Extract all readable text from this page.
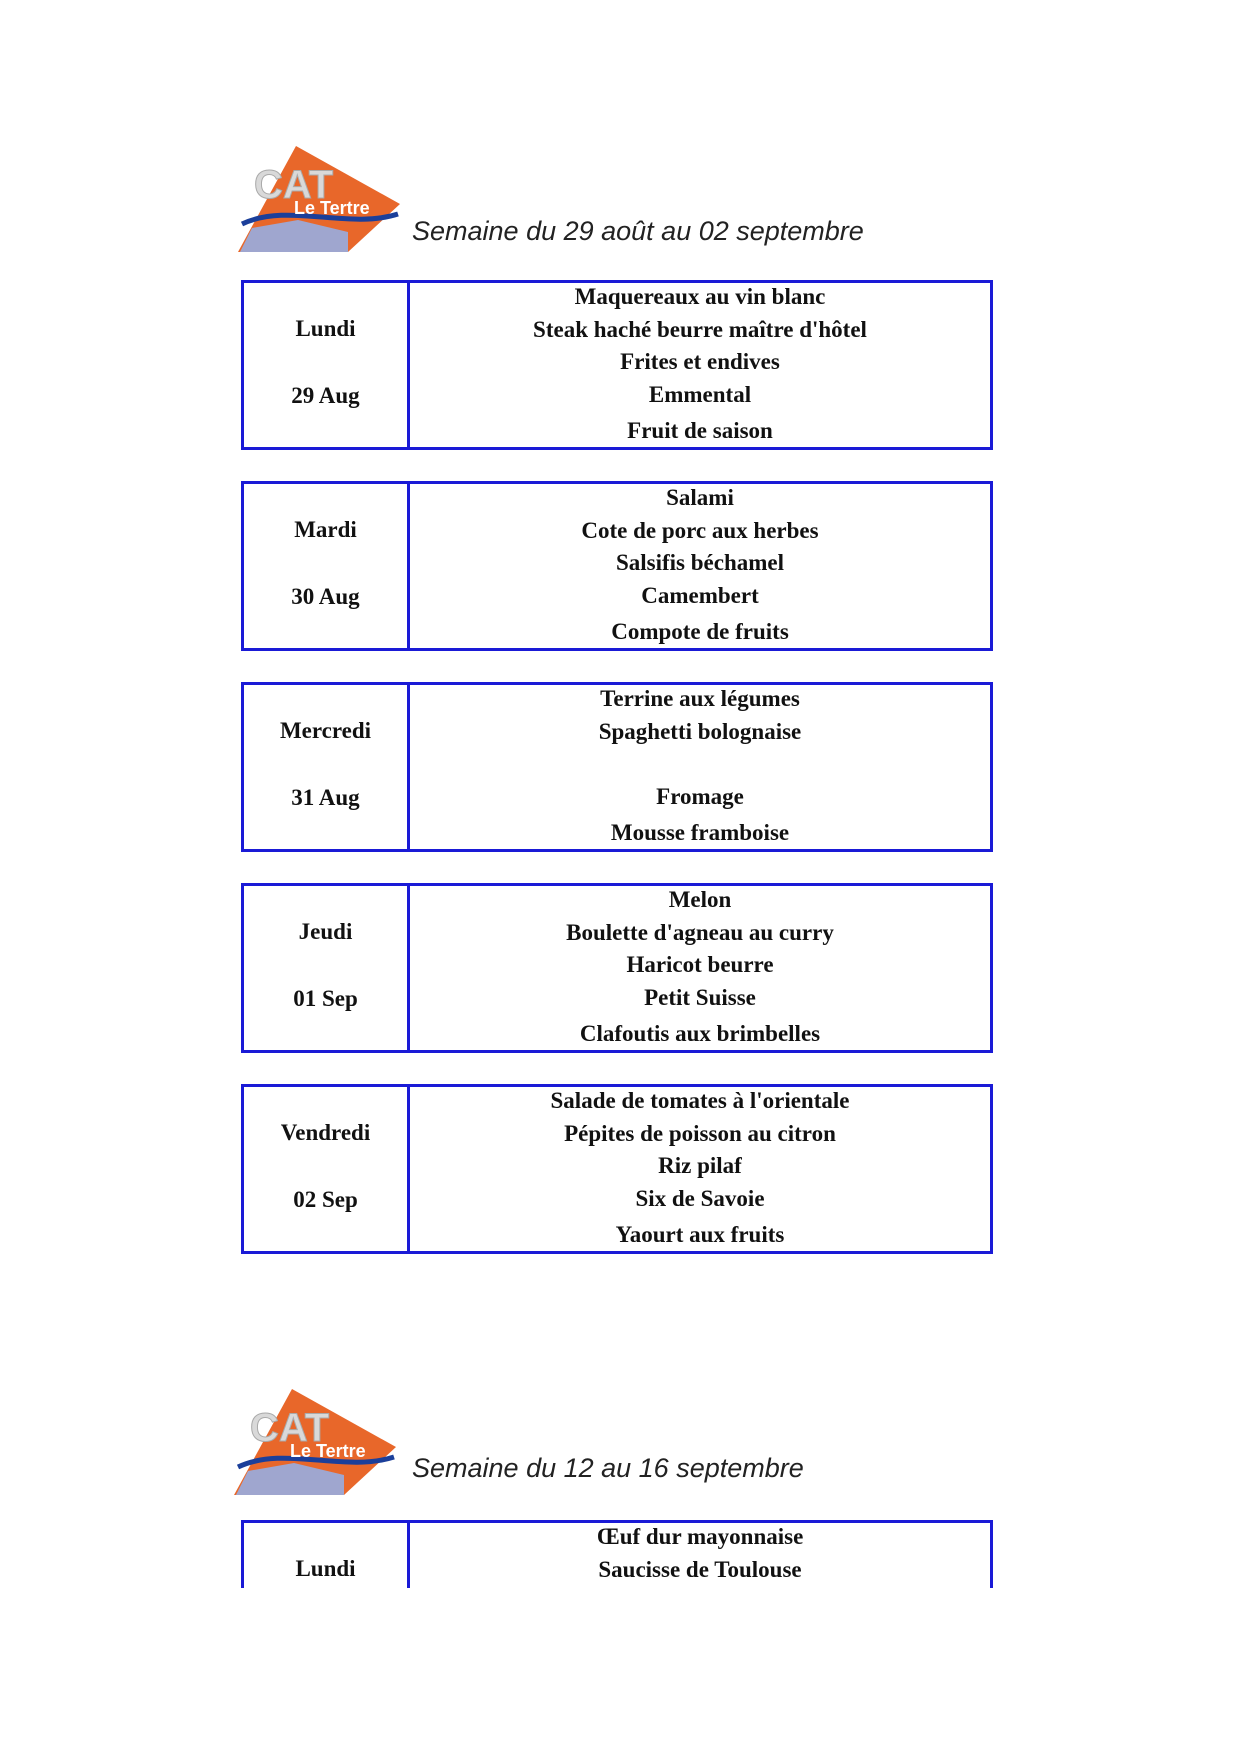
CAT
Le Tertre
Semaine du 29 août au 02 septembre
Lundi
29 Aug
Maquereaux au vin blanc
Steak haché beurre maître d'hôtel
Frites et endives
Emmental
Fruit de saison
Mardi
30 Aug
Salami
Cote de porc aux herbes
Salsifis béchamel
Camembert
Compote de fruits
Mercredi
31 Aug
Terrine aux légumes
Spaghetti bolognaise
Fromage
Mousse framboise
Jeudi
01 Sep
Melon
Boulette d'agneau au curry
Haricot beurre
Petit Suisse
Clafoutis aux brimbelles
Vendredi
02 Sep
Salade de tomates à l'orientale
Pépites de poisson au citron
Riz pilaf
Six de Savoie
Yaourt aux fruits
CAT
Le Tertre
Semaine du 12 au 16 septembre
Lundi
Œuf dur mayonnaise
Saucisse de Toulouse
